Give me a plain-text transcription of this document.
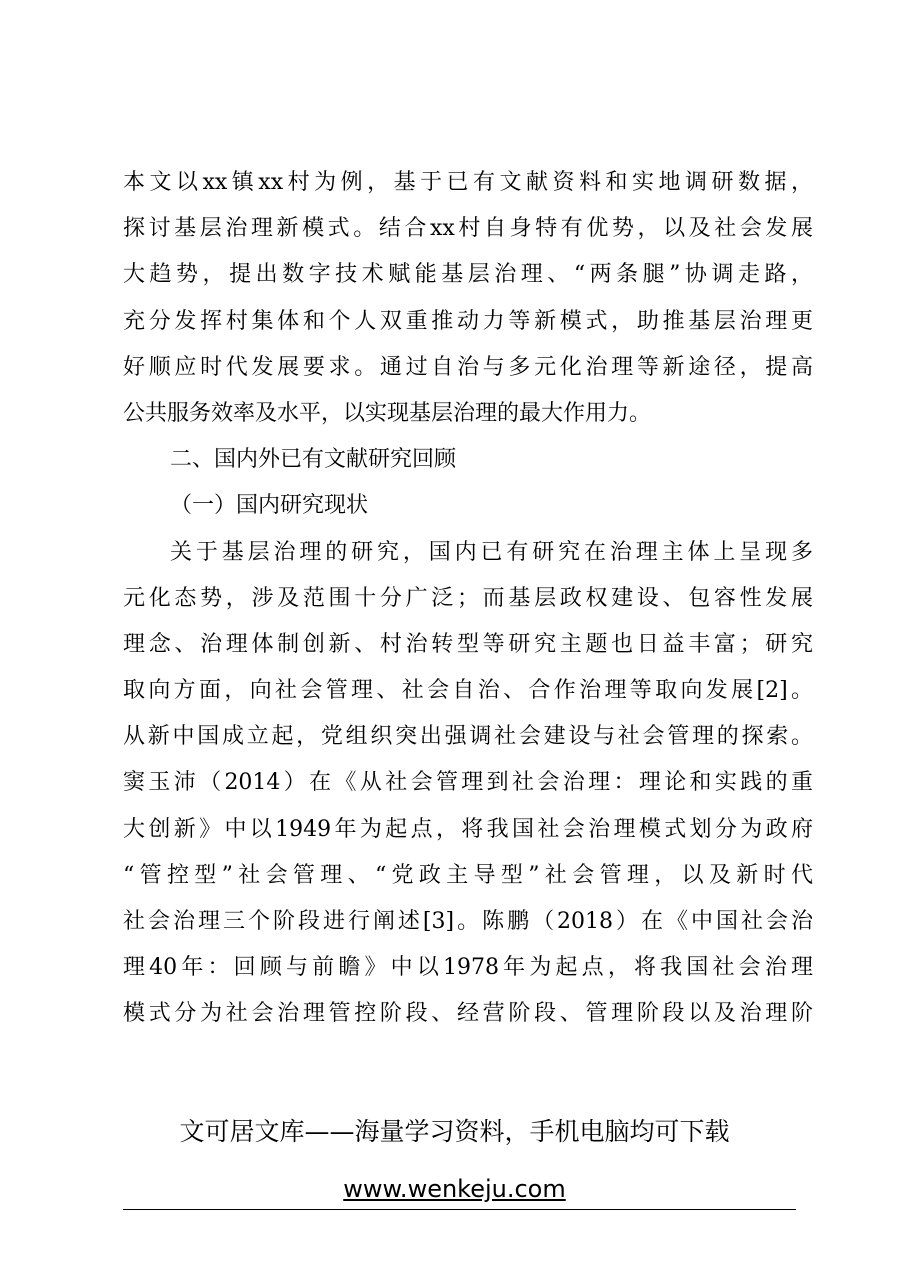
本文以xx镇xx村为例，基于已有文献资料和实地调研数据，
探讨基层治理新模式。结合xx村自身特有优势，以及社会发展
大趋势，提出数字技术赋能基层治理、“两条腿”协调走路，
充分发挥村集体和个人双重推动力等新模式，助推基层治理更
好顺应时代发展要求。通过自治与多元化治理等新途径，提高
公共服务效率及水平，以实现基层治理的最大作用力。
二、国内外已有文献研究回顾
（一）国内研究现状
关于基层治理的研究，国内已有研究在治理主体上呈现多
元化态势，涉及范围十分广泛；而基层政权建设、包容性发展
理念、治理体制创新、村治转型等研究主题也日益丰富；研究
取向方面，向社会管理、社会自治、合作治理等取向发展[2]。
从新中国成立起，党组织突出强调社会建设与社会管理的探索。
窦玉沛（2014）在《从社会管理到社会治理：理论和实践的重
大创新》中以1949年为起点，将我国社会治理模式划分为政府
“管控型”社会管理、“党政主导型”社会管理，以及新时代
社会治理三个阶段进行阐述[3]。陈鹏（2018）在《中国社会治
理40年：回顾与前瞻》中以1978年为起点，将我国社会治理
模式分为社会治理管控阶段、经营阶段、管理阶段以及治理阶
文可居文库——海量学习资料，手机电脑均可下载
www.wenkeju.com
